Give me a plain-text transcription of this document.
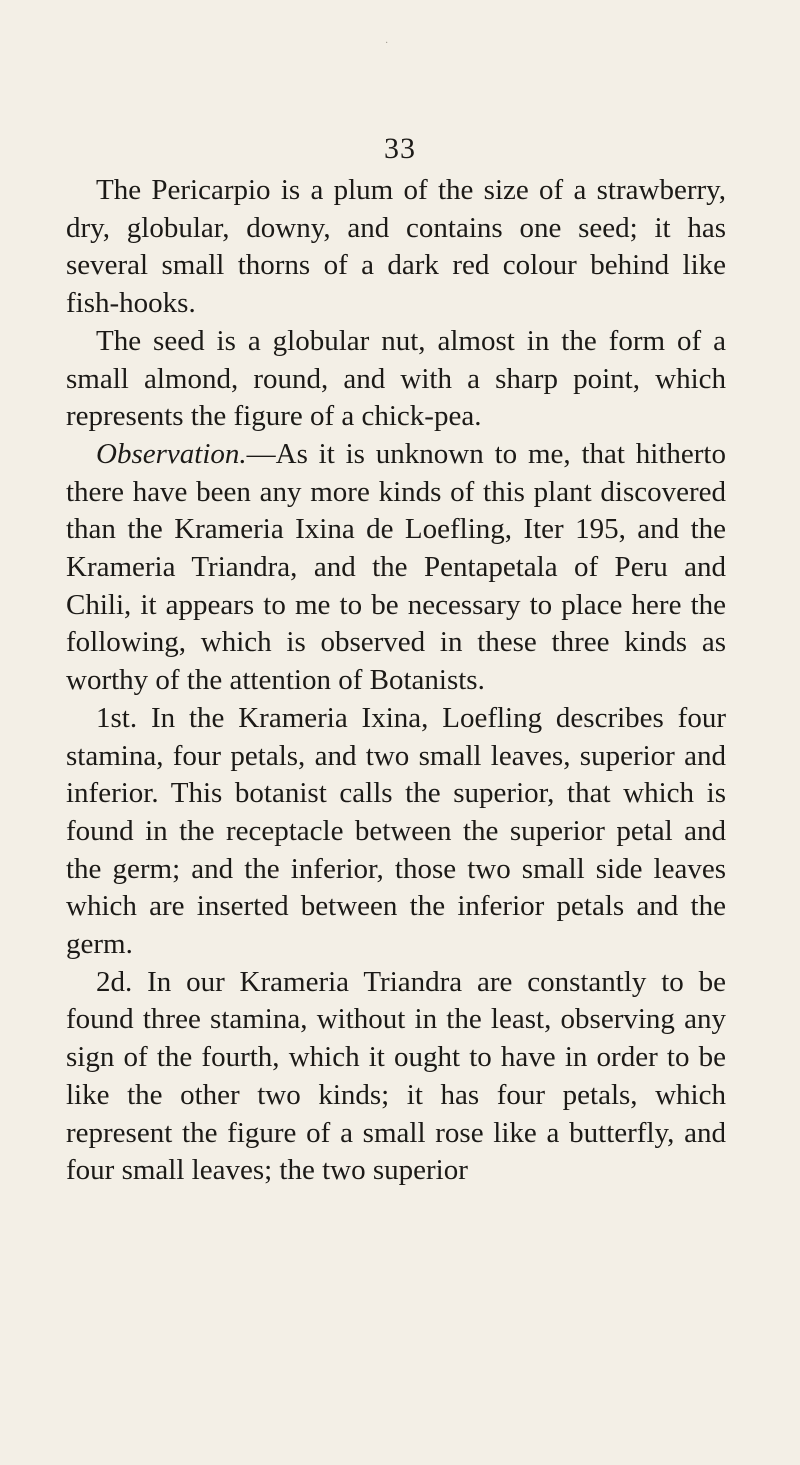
·
33

The Pericarpio is a plum of the size of a strawberry, dry, globular, downy, and contains one seed; it has several small thorns of a dark red colour behind like fish-hooks.

The seed is a globular nut, almost in the form of a small almond, round, and with a sharp point, which represents the figure of a chick-pea.

Observation.—As it is unknown to me, that hitherto there have been any more kinds of this plant discovered than the Krameria Ixina de Loefling, Iter 195, and the Krameria Triandra, and the Pentapetala of Peru and Chili, it appears to me to be necessary to place here the following, which is observed in these three kinds as worthy of the attention of Botanists.

1st. In the Krameria Ixina, Loefling describes four stamina, four petals, and two small leaves, superior and inferior. This botanist calls the superior, that which is found in the receptacle between the superior petal and the germ; and the inferior, those two small side leaves which are inserted between the inferior petals and the germ.

2d. In our Krameria Triandra are constantly to be found three stamina, without in the least, observing any sign of the fourth, which it ought to have in order to be like the other two kinds; it has four petals, which represent the figure of a small rose like a butterfly, and four small leaves; the two superior
